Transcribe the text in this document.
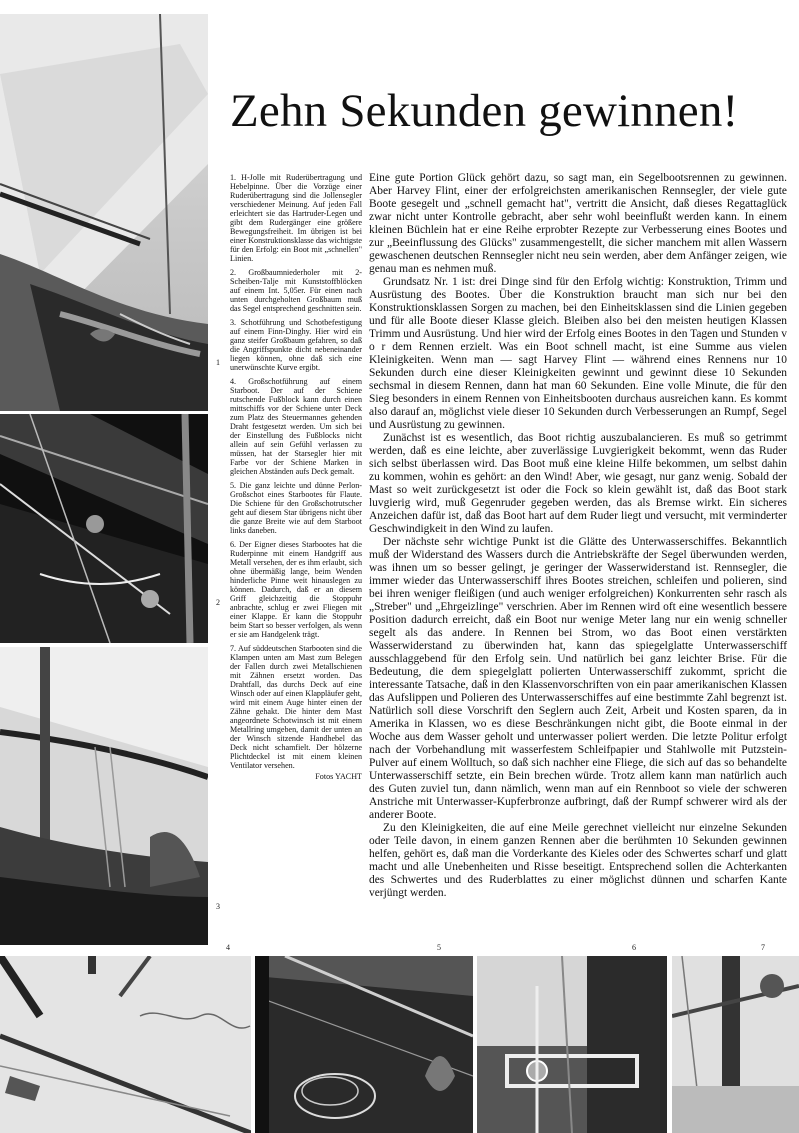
1
2
3
4	5	6	7
Zehn Sekunden gewinnen!

1. H-Jolle mit Ruderübertragung und Hebelpinne. Über die Vorzüge einer Ruderübertragung sind die Jollensegler verschiedener Meinung. Auf jeden Fall erleichtert sie das Hartruder-Legen und gibt dem Rudergänger eine größere Bewegungsfreiheit. Im übrigen ist bei einer Konstruktionsklasse das wichtigste für den Erfolg: ein Boot mit „schnellen" Linien.

2. Großbaumniederholer mit 2-Scheiben-Talje mit Kunststoffblöcken auf einem Int. 5,05er. Für einen nach unten durchgeholten Großbaum muß das Segel entsprechend geschnitten sein.

3. Schotführung und Schotbefestigung auf einem Finn-Dinghy. Hier wird ein ganz steifer Großbaum gefahren, so daß die Angriffspunkte dicht nebeneinander liegen können, ohne daß sich eine unerwünschte Kurve ergibt.

4. Großschotführung auf einem Starboot. Der auf der Schiene rutschende Fußblock kann durch einen mittschiffs vor der Schiene unter Deck zum Platz des Steuermannes gehenden Draht festgesetzt werden. Um sich bei der Einstellung des Fußblocks nicht allein auf sein Gefühl verlassen zu müssen, hat der Starsegler hier mit Farbe vor der Schiene Marken in gleichen Abständen aufs Deck gemalt.

5. Die ganz leichte und dünne Perlon-Großschot eines Starbootes für Flaute. Die Schiene für den Großschotrutscher geht auf diesem Star übrigens nicht über die ganze Breite wie auf dem Starboot links daneben.

6. Der Eigner dieses Starbootes hat die Ruderpinne mit einem Handgriff aus Metall versehen, der es ihm erlaubt, sich ohne übermäßig lange, beim Wenden hinderliche Pinne weit hinauslegen zu können. Dadurch, daß er an diesem Griff gleichzeitig die Stoppuhr anbrachte, schlug er zwei Fliegen mit einer Klappe. Er kann die Stoppuhr beim Start so besser verfolgen, als wenn er sie am Handgelenk trägt.

7. Auf süddeutschen Starbooten sind die Klampen unten am Mast zum Belegen der Fallen durch zwei Metallschienen mit Zähnen ersetzt worden. Das Drahtfall, das durchs Deck auf eine Winsch oder auf einen Klappläufer geht, wird mit einem Auge hinter einen der Zähne gehakt. Die hinter dem Mast angeordnete Schotwinsch ist mit einem Metallring umgeben, damit der unten an der Winsch sitzende Handhebel das Deck nicht schamfielt. Der hölzerne Plichtdeckel ist mit einem kleinen Ventilator versehen.

Fotos YACHT

Eine gute Portion Glück gehört dazu, so sagt man, ein Segelbootsrennen zu gewinnen. Aber Harvey Flint, einer der erfolgreichsten amerikanischen Rennsegler, der viele gute Boote gesegelt und „schnell gemacht hat", vertritt die Ansicht, daß dieses Regattaglück zwar nicht unter Kontrolle gebracht, aber sehr wohl beeinflußt werden kann. In einem kleinen Büchlein hat er eine Reihe erprobter Rezepte zur Verbesserung eines Bootes und zur „Beeinflussung des Glücks" zusammengestellt, die sicher manchem mit allen Wassern gewaschenen deutschen Rennsegler nicht neu sein werden, aber dem Anfänger zeigen, wie genau man es nehmen muß.

Grundsatz Nr. 1 ist: drei Dinge sind für den Erfolg wichtig: Konstruktion, Trimm und Ausrüstung des Bootes. Über die Konstruktion braucht man sich nur bei den Konstruktionsklassen Sorgen zu machen, bei den Einheitsklassen sind die Linien gegeben und für alle Boote dieser Klasse gleich. Bleiben also bei den meisten heutigen Klassen Trimm und Ausrüstung. Und hier wird der Erfolg eines Bootes in den Tagen und Stunden v o r dem Rennen erzielt. Was ein Boot schnell macht, ist eine Summe aus vielen Kleinigkeiten. Wenn man — sagt Harvey Flint — während eines Rennens nur 10 Sekunden durch eine dieser Kleinigkeiten gewinnt und gewinnt diese 10 Sekunden sechsmal in diesem Rennen, dann hat man 60 Sekunden. Eine volle Minute, die für den Sieg besonders in einem Rennen von Einheitsbooten durchaus ausreichen kann. Es kommt also darauf an, möglichst viele dieser 10 Sekunden durch Verbesserungen an Rumpf, Segel und Ausrüstung zu gewinnen.

Zunächst ist es wesentlich, das Boot richtig auszubalancieren. Es muß so getrimmt werden, daß es eine leichte, aber zuverlässige Luvgierigkeit bekommt, wenn das Ruder sich selbst überlassen wird. Das Boot muß eine kleine Hilfe bekommen, um selbst dahin zu kommen, wohin es gehört: an den Wind! Aber, wie gesagt, nur ganz wenig. Sobald der Mast so weit zurückgesetzt ist oder die Fock so klein gewählt ist, daß das Boot stark luvgierig wird, muß Gegenruder gegeben werden, das als Bremse wirkt. Ein sicheres Anzeichen dafür ist, daß das Boot hart auf dem Ruder liegt und versucht, mit verminderter Geschwindigkeit in den Wind zu laufen.

Der nächste sehr wichtige Punkt ist die Glätte des Unterwasserschiffes. Bekanntlich muß der Widerstand des Wassers durch die Antriebskräfte der Segel überwunden werden, was ihnen um so besser gelingt, je geringer der Wasserwiderstand ist. Rennsegler, die immer wieder das Unterwasserschiff ihres Bootes streichen, schleifen und polieren, sind bei ihren weniger fleißigen (und auch weniger erfolgreichen) Konkurrenten sehr rasch als „Streber" und „Ehrgeizlinge" verschrien. Aber im Rennen wird oft eine wesentlich bessere Position dadurch erreicht, daß ein Boot nur wenige Meter lang nur ein wenig schneller segelt als das andere. In Rennen bei Strom, wo das Boot einen verstärkten Wasserwiderstand zu überwinden hat, kann das spiegelglatte Unterwasserschiff ausschlaggebend für den Erfolg sein. Und natürlich bei ganz leichter Brise. Für die Bedeutung, die dem spiegelglatt polierten Unterwasserschiff zukommt, spricht die interessante Tatsache, daß in den Klassenvorschriften von ein paar amerikanischen Klassen das Aufslippen und Polieren des Unterwasserschiffes auf eine bestimmte Zahl begrenzt ist. Natürlich soll diese Vorschrift den Seglern auch Zeit, Arbeit und Kosten sparen, da in Amerika in Klassen, wo es diese Beschränkungen nicht gibt, die Boote einmal in der Woche aus dem Wasser geholt und unterwasser poliert werden. Die letzte Politur erfolgt nach der Vorbehandlung mit wasserfestem Schleifpapier und Stahlwolle mit Putzstein-Pulver auf einem Wolltuch, so daß sich nachher eine Fliege, die sich auf das so behandelte Unterwasserschiff setzte, ein Bein brechen würde. Trotz allem kann man natürlich auch des Guten zuviel tun, dann nämlich, wenn man auf ein Rennboot so viele der schweren Anstriche mit Unterwasser-Kupferbronze aufbringt, daß der Rumpf schwerer wird als der anderer Boote.

Zu den Kleinigkeiten, die auf eine Meile gerechnet vielleicht nur einzelne Sekunden oder Teile davon, in einem ganzen Rennen aber die berühmten 10 Sekunden gewinnen helfen, gehört es, daß man die Vorderkante des Kieles oder des Schwertes scharf und glatt macht und alle Unebenheiten und Risse beseitigt. Entsprechend sollen die Achterkanten des Schwertes und des Ruderblattes zu einer möglichst dünnen und scharfen Kante verjüngt werden.
